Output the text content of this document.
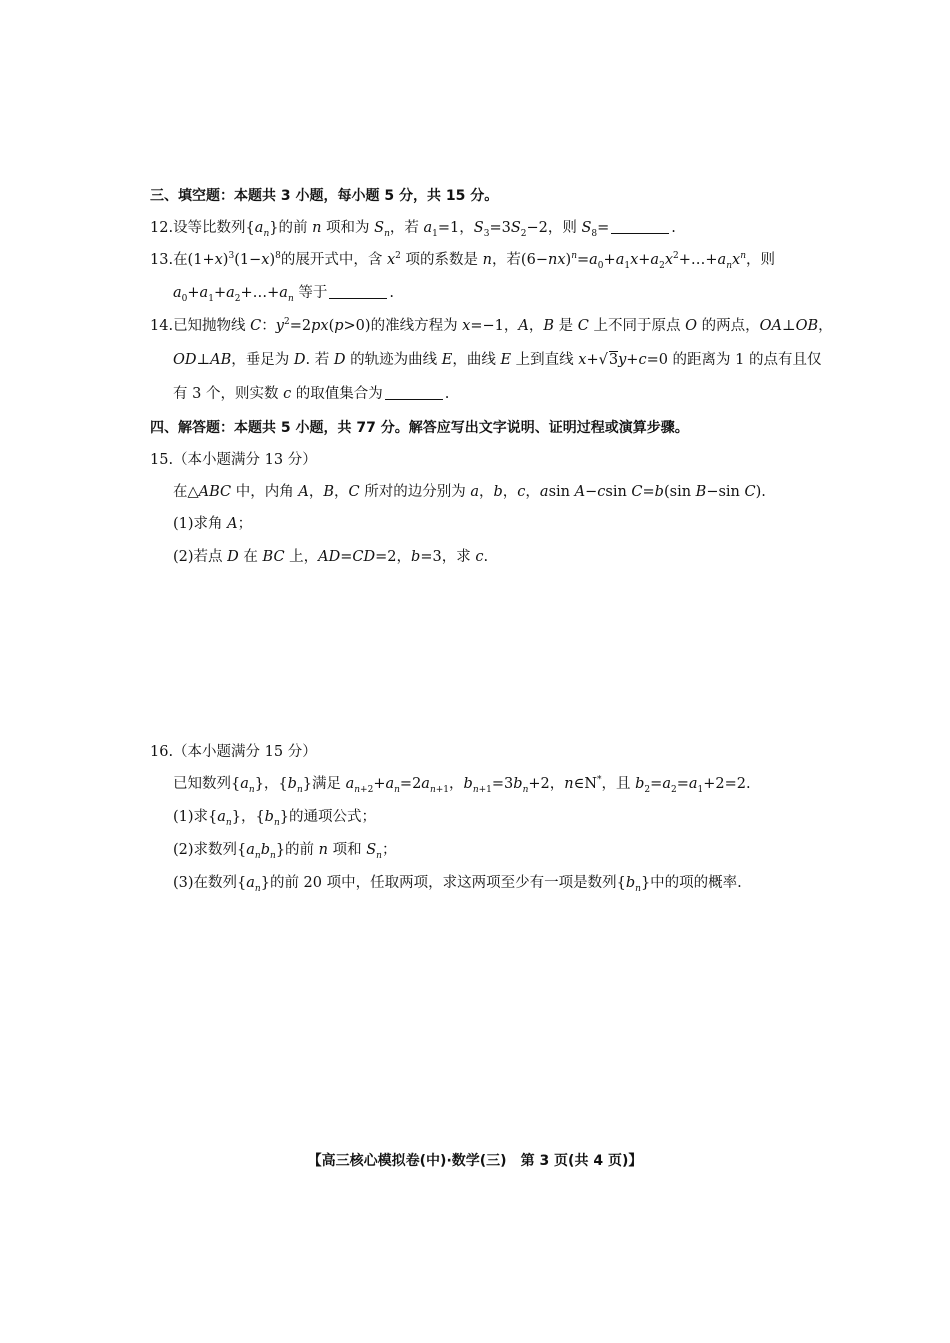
三、填空题：本题共 3 小题，每小题 5 分，共 15 分。
12.设等比数列$\{a_n\}$的前 n 项和为 $S_n$，若 $a_1=1$，$S_3=3S_2-2$，则 $S_8=$	.
13.在$(1+x)^3(1-x)^8$的展开式中，含 $x^2$ 项的系数是 n，若$(6-nx)^n=a_0+a_1x+a_2x^2+\dots+a_nx^n$，则
$a_0+a_1+a_2+\dots+a_n$ 等于	.
14.已知抛物线 C：$y^2=2px(p>0)$的准线方程为 x=−1，A，B 是 C 上不同于原点 O 的两点，OA⊥OB，
OD⊥AB，垂足为 D. 若 D 的轨迹为曲线 E，曲线 E 上到直线 x+√3y+c=0 的距离为 1 的点有且仅
有 3 个，则实数 c 的取值集合为	.
四、解答题：本题共 5 小题，共 77 分。解答应写出文字说明、证明过程或演算步骤。
15.（本小题满分 13 分）
在△ABC 中，内角 A，B，C 所对的边分别为 a，b，c，asin A−csin C=b(sin B−sin C).
(1)求角 A；
(2)若点 D 在 BC 上，AD=CD=2，b=3，求 c.
16.（本小题满分 15 分）
已知数列$\{a_n\}$，$\{b_n\}$满足 $a_{n+2}+a_n=2a_{n+1}$，$b_{n+1}=3b_n+2$，n∈N*，且 $b_2=a_2=a_1+2=2$.
(1)求$\{a_n\}$，$\{b_n\}$的通项公式；
(2)求数列$\{a_nb_n\}$的前 n 项和 $S_n$；
(3)在数列$\{a_n\}$的前 20 项中，任取两项，求这两项至少有一项是数列$\{b_n\}$中的项的概率.
【高三核心模拟卷(中)·数学(三)　第 3 页(共 4 页)】
